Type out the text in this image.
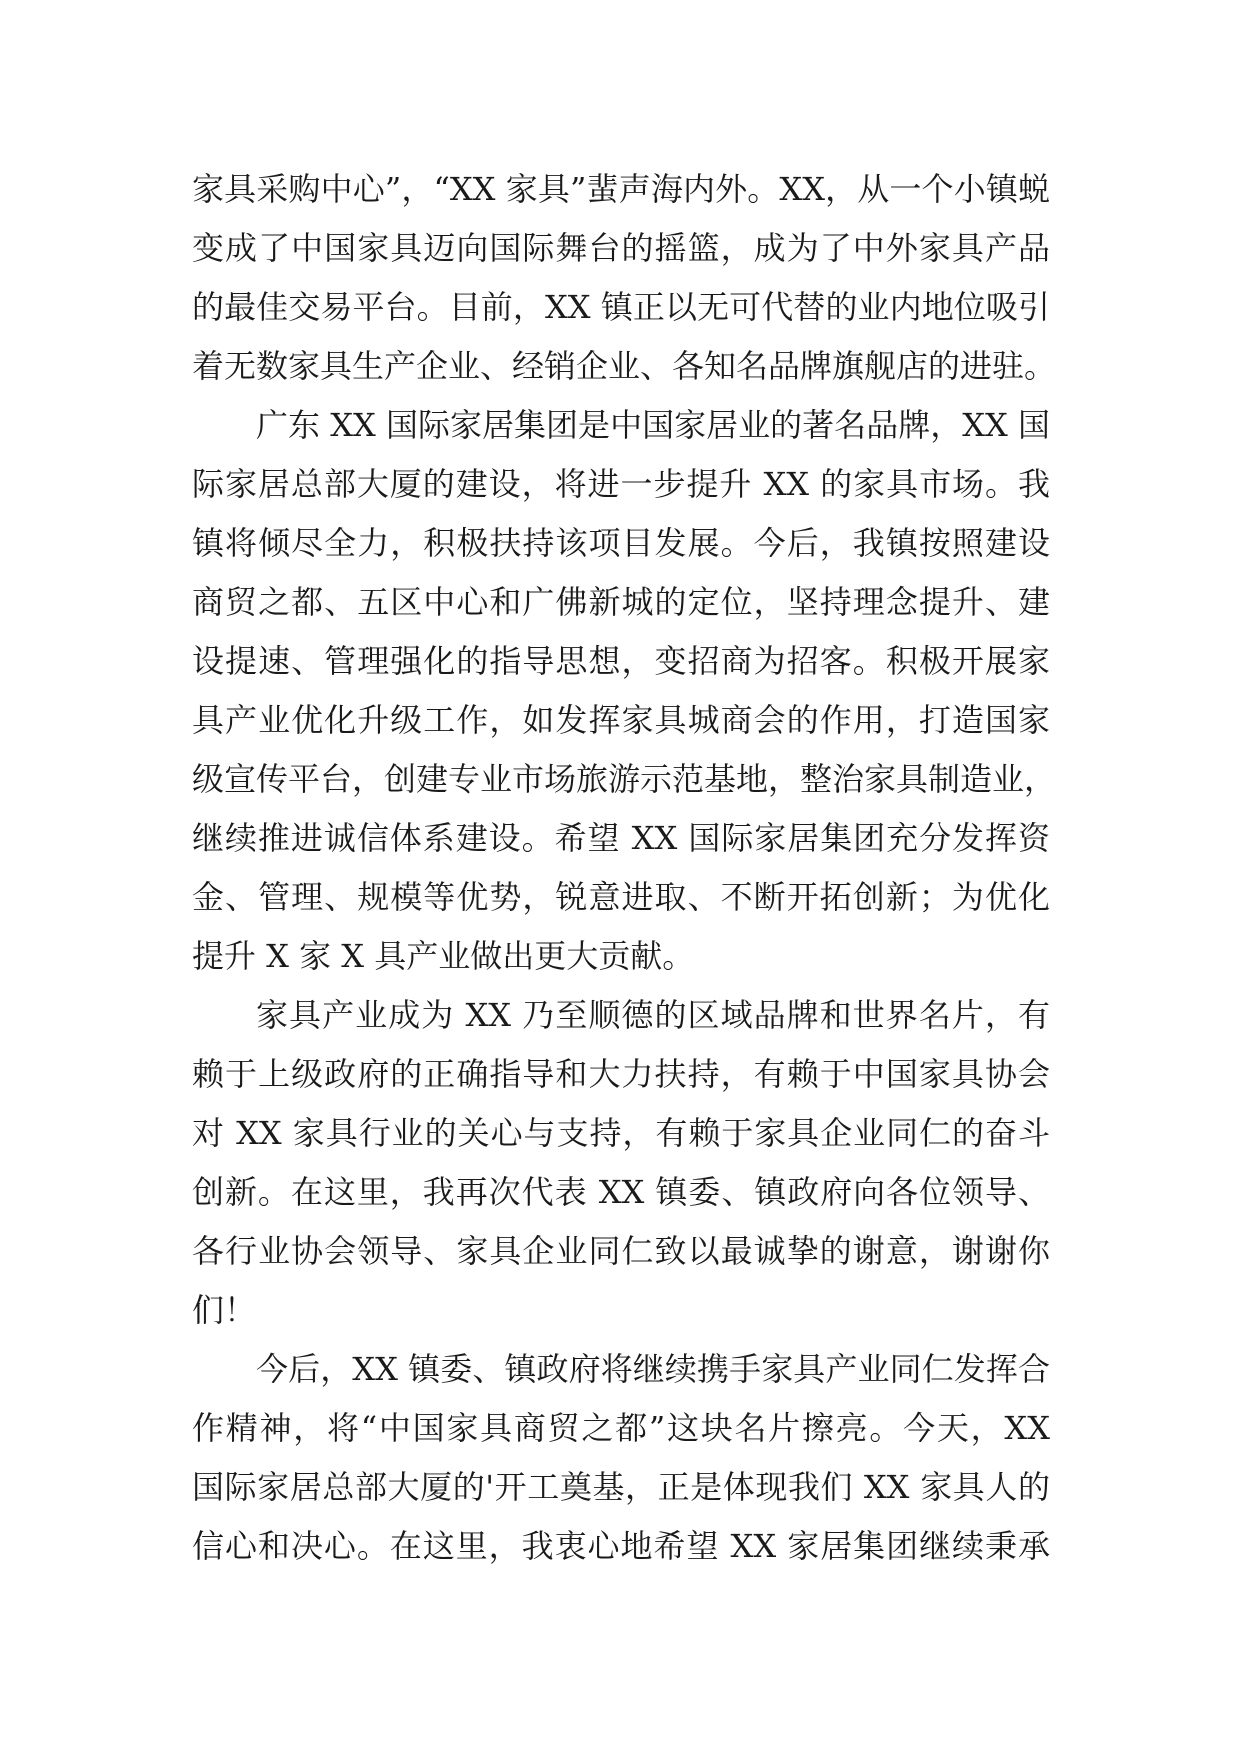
家具采购中心”，“XX 家具”蜚声海内外。XX，从一个小镇蜕
变成了中国家具迈向国际舞台的摇篮，成为了中外家具产品
的最佳交易平台。目前，XX 镇正以无可代替的业内地位吸引
着无数家具生产企业、经销企业、各知名品牌旗舰店的进驻。
广东 XX 国际家居集团是中国家居业的著名品牌，XX 国
际家居总部大厦的建设，将进一步提升 XX 的家具市场。我
镇将倾尽全力，积极扶持该项目发展。今后，我镇按照建设
商贸之都、五区中心和广佛新城的定位，坚持理念提升、建
设提速、管理强化的指导思想，变招商为招客。积极开展家
具产业优化升级工作，如发挥家具城商会的作用，打造国家
级宣传平台，创建专业市场旅游示范基地，整治家具制造业，
继续推进诚信体系建设。希望 XX 国际家居集团充分发挥资
金、管理、规模等优势，锐意进取、不断开拓创新；为优化
提升 X 家 X 具产业做出更大贡献。
家具产业成为 XX 乃至顺德的区域品牌和世界名片，有
赖于上级政府的正确指导和大力扶持，有赖于中国家具协会
对 XX 家具行业的关心与支持，有赖于家具企业同仁的奋斗
创新。在这里，我再次代表 XX 镇委、镇政府向各位领导、
各行业协会领导、家具企业同仁致以最诚挚的谢意，谢谢你
们！
今后，XX 镇委、镇政府将继续携手家具产业同仁发挥合
作精神，将“中国家具商贸之都”这块名片擦亮。今天，XX
国际家居总部大厦的'开工奠基，正是体现我们 XX 家具人的
信心和决心。在这里，我衷心地希望 XX 家居集团继续秉承
